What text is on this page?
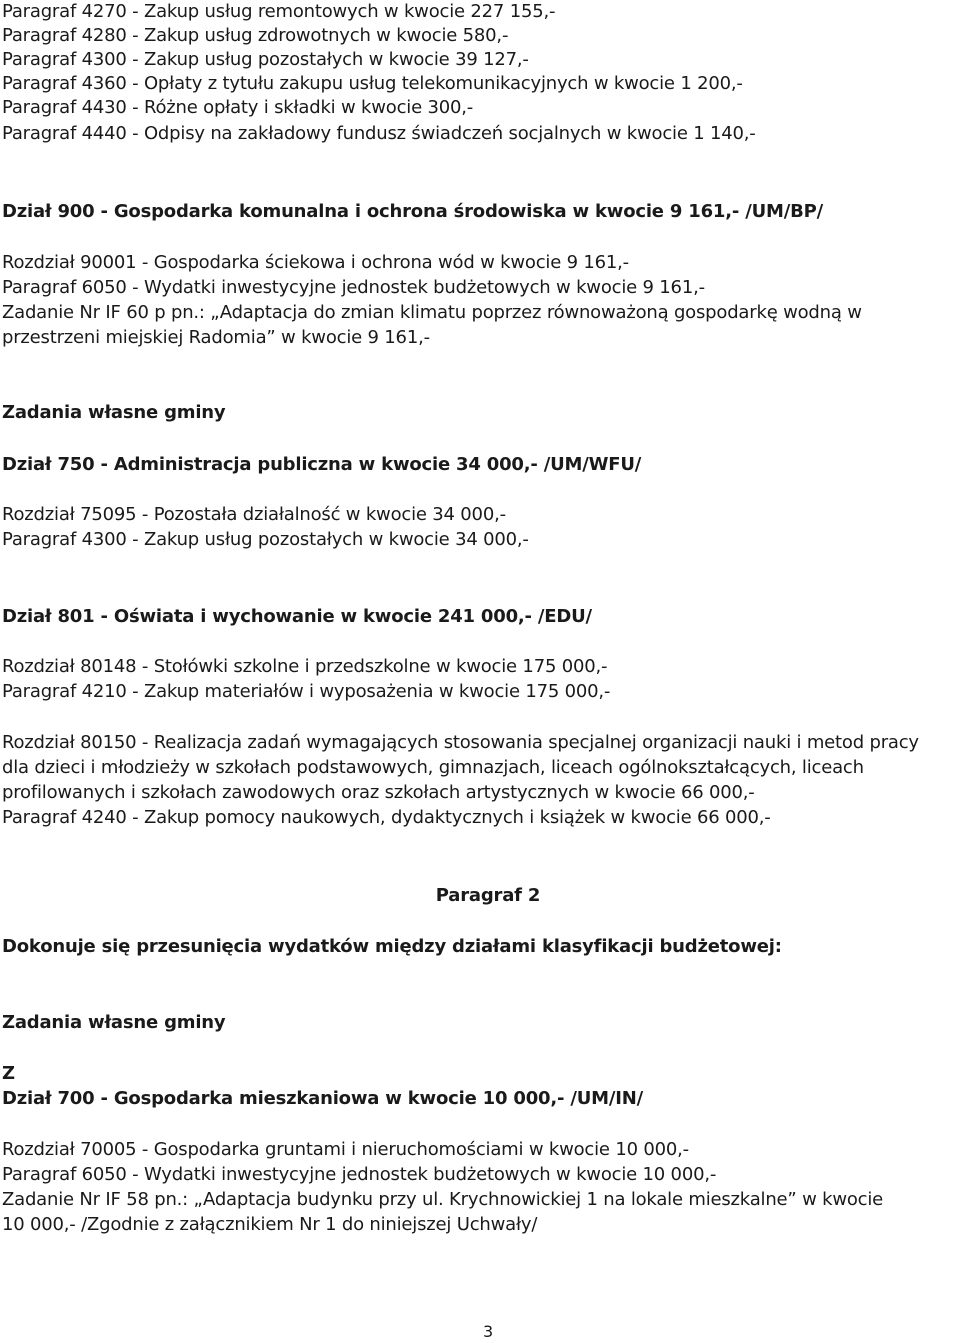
Paragraf 4270 - Zakup usług remontowych w kwocie 227 155,-
Paragraf 4280 - Zakup usług zdrowotnych w kwocie 580,-
Paragraf 4300 - Zakup usług pozostałych w kwocie 39 127,-
Paragraf 4360 - Opłaty z tytułu zakupu usług telekomunikacyjnych w kwocie 1 200,-
Paragraf 4430 - Różne opłaty i składki w kwocie 300,-
Paragraf 4440 - Odpisy na zakładowy fundusz świadczeń socjalnych w kwocie 1 140,-
Dział 900 - Gospodarka komunalna i ochrona środowiska w kwocie 9 161,- /UM/BP/
Rozdział 90001 - Gospodarka ściekowa i ochrona wód w kwocie 9 161,-
Paragraf 6050 - Wydatki inwestycyjne jednostek budżetowych w kwocie 9 161,-
Zadanie Nr IF 60 p pn.: „Adaptacja do zmian klimatu poprzez równoważoną gospodarkę wodną w
przestrzeni miejskiej Radomia” w kwocie 9 161,-
Zadania własne gminy
Dział 750 - Administracja publiczna w kwocie 34 000,- /UM/WFU/
Rozdział 75095 - Pozostała działalność w kwocie 34 000,-
Paragraf 4300 - Zakup usług pozostałych w kwocie 34 000,-
Dział 801 - Oświata i wychowanie w kwocie 241 000,- /EDU/
Rozdział 80148 - Stołówki szkolne i przedszkolne w kwocie 175 000,-
Paragraf 4210 - Zakup materiałów i wyposażenia w kwocie 175 000,-
Rozdział 80150 - Realizacja zadań wymagających stosowania specjalnej organizacji nauki i metod pracy
dla dzieci i młodzieży w szkołach podstawowych, gimnazjach, liceach ogólnokształcących, liceach
profilowanych i szkołach zawodowych oraz szkołach artystycznych w kwocie 66 000,-
Paragraf 4240 - Zakup pomocy naukowych, dydaktycznych i książek w kwocie 66 000,-
Paragraf 2
Dokonuje się przesunięcia wydatków między działami klasyfikacji budżetowej:
Zadania własne gminy
Z
Dział 700 - Gospodarka mieszkaniowa w kwocie 10 000,- /UM/IN/
Rozdział 70005 - Gospodarka gruntami i nieruchomościami w kwocie 10 000,-
Paragraf 6050 - Wydatki inwestycyjne jednostek budżetowych w kwocie 10 000,-
Zadanie Nr IF 58 pn.: „Adaptacja budynku przy ul. Krychnowickiej 1 na lokale mieszkalne” w kwocie
10 000,- /Zgodnie z załącznikiem Nr 1 do niniejszej Uchwały/
3
